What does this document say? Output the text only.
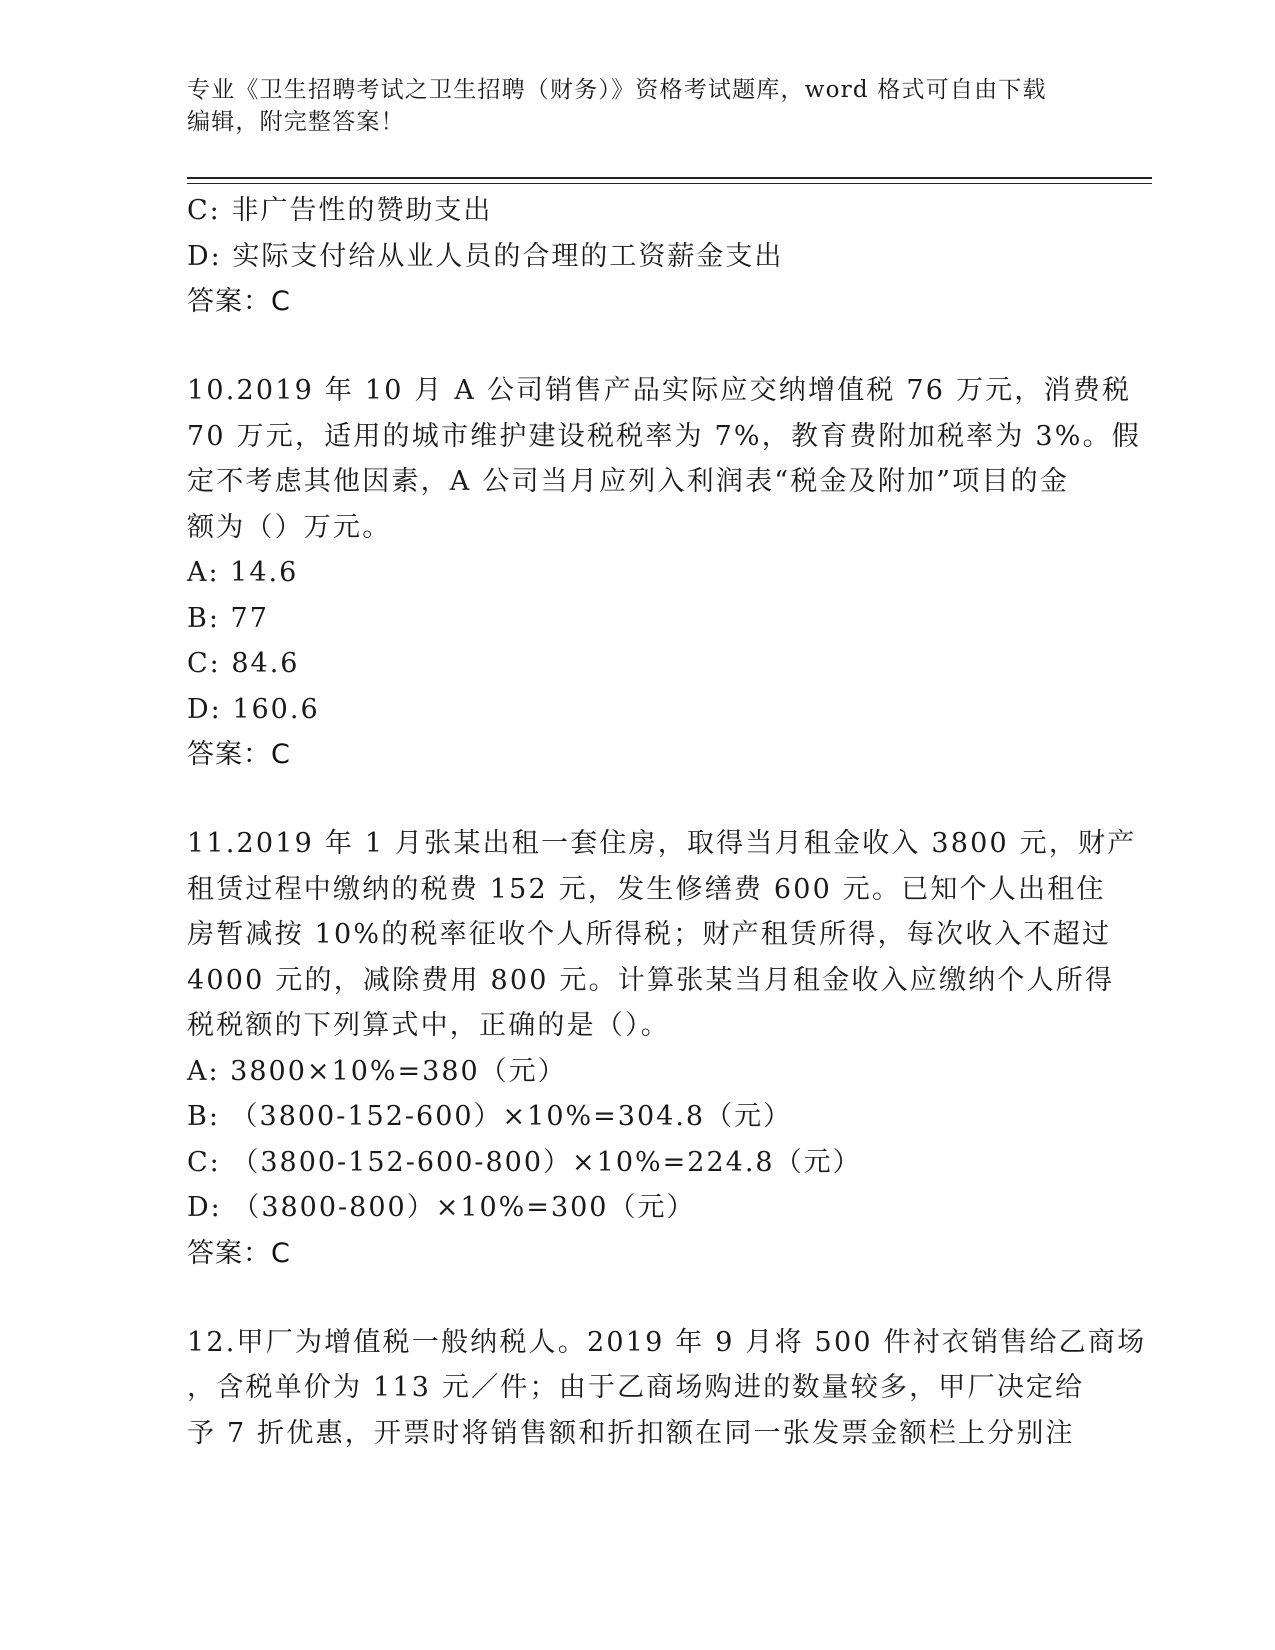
专业《卫生招聘考试之卫生招聘（财务）》资格考试题库，word 格式可自由下载
编辑，附完整答案！
C: 非广告性的赞助支出
D: 实际支付给从业人员的合理的工资薪金支出
答案：C
10.2019 年 10 月 A 公司销售产品实际应交纳增值税 76 万元，消费税
70 万元，适用的城市维护建设税税率为 7%，教育费附加税率为 3%。假
定不考虑其他因素，A 公司当月应列入利润表“税金及附加”项目的金
额为（）万元。
A: 14.6
B: 77
C: 84.6
D: 160.6
答案：C
11.2019 年 1 月张某出租一套住房，取得当月租金收入 3800 元，财产
租赁过程中缴纳的税费 152 元，发生修缮费 600 元。已知个人出租住
房暂减按 10%的税率征收个人所得税；财产租赁所得，每次收入不超过
4000 元的，减除费用 800 元。计算张某当月租金收入应缴纳个人所得
税税额的下列算式中，正确的是（）。
A: 3800×10%=380（元）
B: （3800-152-600）×10%=304.8（元）
C: （3800-152-600-800）×10%=224.8（元）
D: （3800-800）×10%=300（元）
答案：C
12.甲厂为增值税一般纳税人。2019 年 9 月将 500 件衬衣销售给乙商场
，含税单价为 113 元／件；由于乙商场购进的数量较多，甲厂决定给
予 7 折优惠，开票时将销售额和折扣额在同一张发票金额栏上分别注
